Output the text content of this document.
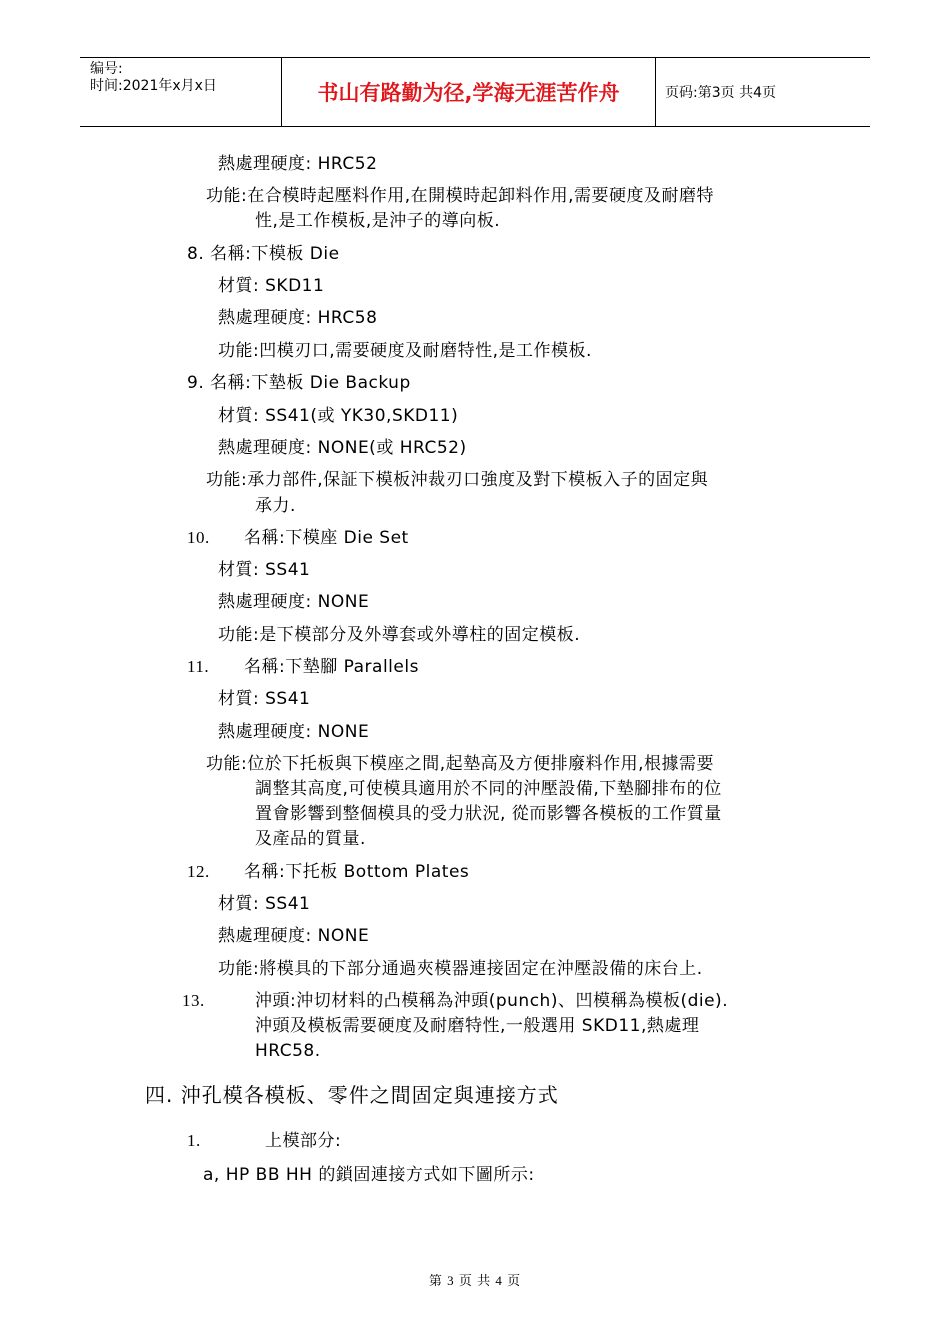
编号:
时间:2021年x月x日	书山有路勤为径,学海无涯苦作舟	页码:第3页 共4页
熱處理硬度: HRC52
功能:在合模時起壓料作用,在開模時起卸料作用,需要硬度及耐磨特
性,是工作模板,是沖子的導向板.
8. 名稱:下模板 Die
材質: SKD11
熱處理硬度: HRC58
功能:凹模刃口,需要硬度及耐磨特性,是工作模板.
9. 名稱:下墊板 Die Backup
材質: SS41(或 YK30,SKD11)
熱處理硬度: NONE(或 HRC52)
功能:承力部件,保証下模板沖裁刃口強度及對下模板入子的固定與
承力.
10. 名稱:下模座 Die Set
材質: SS41
熱處理硬度: NONE
功能:是下模部分及外導套或外導柱的固定模板.
11. 名稱:下墊腳 Parallels
材質: SS41
熱處理硬度: NONE
功能:位於下托板與下模座之間,起墊高及方便排廢料作用,根據需要
調整其高度,可使模具適用於不同的沖壓設備,下墊腳排布的位
置會影響到整個模具的受力狀況, 從而影響各模板的工作質量
及產品的質量.
12. 名稱:下托板 Bottom Plates
材質: SS41
熱處理硬度: NONE
功能:將模具的下部分通過夾模器連接固定在沖壓設備的床台上.
13.	沖頭:沖切材料的凸模稱為沖頭(punch)、凹模稱為模板(die).
沖頭及模板需要硬度及耐磨特性,一般選用 SKD11,熱處理
HRC58.
四. 沖孔模各模板、零件之間固定與連接方式
1.	上模部分:
a, HP BB HH 的鎖固連接方式如下圖所示:
第 3 页 共 4 页
